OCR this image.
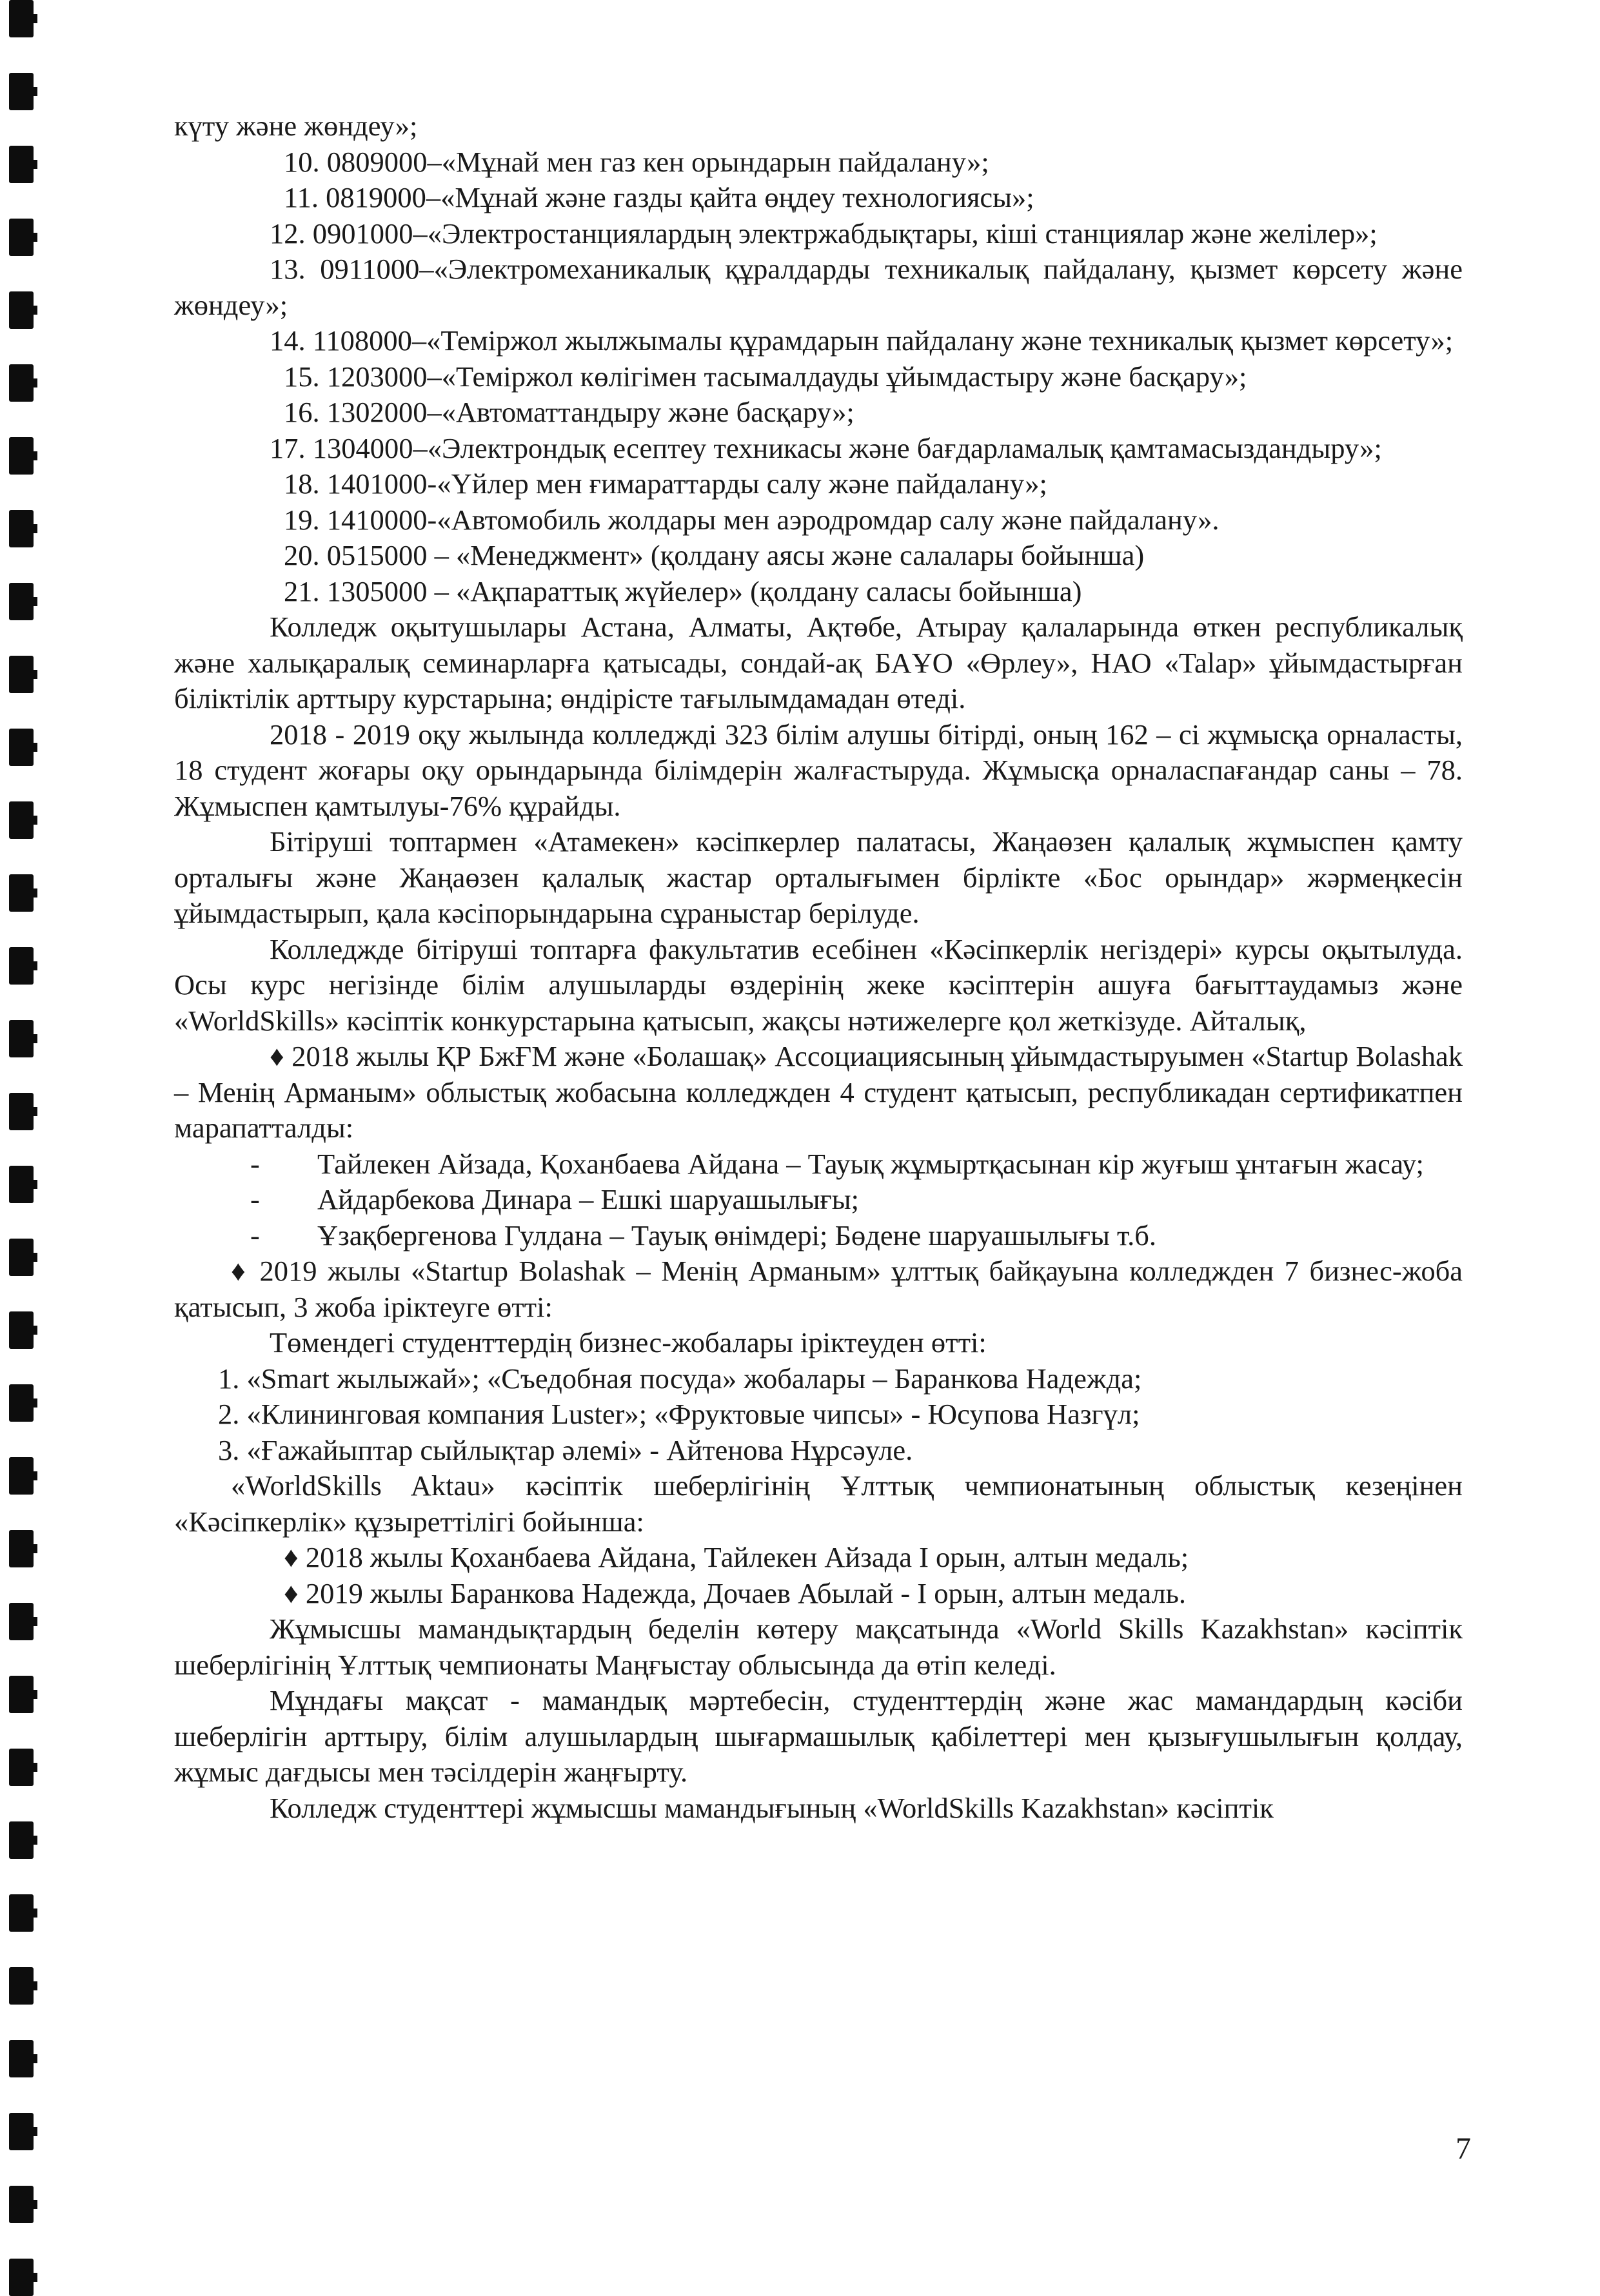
күту және жөндеу»;

10. 0809000–«Мұнай мен газ кен орындарын пайдалану»;

11. 0819000–«Мұнай және газды қайта өңдеу технологиясы»;

12. 0901000–«Электростанциялардың электржабдықтары, кіші станциялар және желілер»;

13. 0911000–«Электромеханикалық құралдарды техникалық пайдалану, қызмет көрсету және жөндеу»;

14. 1108000–«Теміржол жылжымалы құрамдарын пайдалану және техникалық қызмет көрсету»;

15. 1203000–«Теміржол көлігімен тасымалдауды ұйымдастыру және басқару»;

16. 1302000–«Автоматтандыру және басқару»;

17. 1304000–«Электрондық есептеу техникасы және бағдарламалық қамтамасыздандыру»;

18. 1401000-«Үйлер мен ғимараттарды салу және пайдалану»;

19. 1410000-«Автомобиль жолдары мен аэродромдар салу және пайдалану».

20. 0515000 – «Менеджмент» (қолдану аясы және салалары бойынша)

21. 1305000 – «Ақпараттық жүйелер» (қолдану саласы бойынша)

Колледж оқытушылары Астана, Алматы, Ақтөбе, Атырау қалаларында өткен республикалық және халықаралық семинарларға қатысады, сондай-ақ БАҰО «Өрлеу», НАО «Talap» ұйымдастырған біліктілік арттыру курстарына; өндірісте тағылымдамадан өтеді.

2018 - 2019 оқу жылында колледжді 323 білім алушы бітірді, оның 162 – сі жұмысқа орналасты, 18 студент жоғары оқу орындарында білімдерін жалғастыруда. Жұмысқа орналаспағандар саны – 78. Жұмыспен қамтылуы-76% құрайды.

Бітіруші топтармен «Атамекен» кәсіпкерлер палатасы, Жаңаөзен қалалық жұмыспен қамту орталығы және Жаңаөзен қалалық жастар орталығымен бірлікте «Бос орындар» жәрмеңкесін ұйымдастырып, қала кәсіпорындарына сұраныстар берілуде.

Колледжде бітіруші топтарға факультатив есебінен «Кәсіпкерлік негіздері» курсы оқытылуда. Осы курс негізінде білім алушыларды өздерінің жеке кәсіптерін ашуға бағыттаудамыз және «WorldSkills» кәсіптік конкурстарына қатысып, жақсы нәтижелерге қол жеткізуде. Айталық,

♦ 2018 жылы ҚР БжҒМ және «Болашақ» Ассоциациясының ұйымдастыруымен «Startup Bolashak – Менің Арманым» облыстық жобасына колледжден 4 студент қатысып, республикадан сертификатпен марапатталды:

- Тайлекен Айзада, Қоханбаева Айдана – Тауық жұмыртқасынан кір жуғыш ұнтағын жасау;

- Айдарбекова Динара – Ешкі шаруашылығы;

- Ұзақбергенова Гулдана – Тауық өнімдері; Бөдене шаруашылығы т.б.

♦ 2019 жылы «Startup Bolashak – Менің Арманым» ұлттық байқауына колледжден 7 бизнес-жоба қатысып, 3 жоба іріктеуге өтті:

Төмендегі студенттердің бизнес-жобалары іріктеуден өтті:

1. «Smart жылыжай»; «Съедобная посуда» жобалары – Баранкова Надежда;

2. «Клининговая компания Luster»; «Фруктовые чипсы» - Юсупова Назгүл;

3. «Ғажайыптар сыйлықтар әлемі» - Айтенова Нұрсәуле.

«WorldSkills Aktau» кәсіптік шеберлігінің Ұлттық чемпионатының облыстық кезеңінен «Кәсіпкерлік» құзыреттілігі бойынша:

♦ 2018 жылы Қоханбаева Айдана, Тайлекен Айзада І орын, алтын медаль;

♦ 2019 жылы Баранкова Надежда, Дочаев Абылай - І орын, алтын медаль.

Жұмысшы мамандықтардың беделін көтеру мақсатында «World Skills Kazakhstan» кәсіптік шеберлігінің Ұлттық чемпионаты Маңғыстау облысында да өтіп келеді.

Мұндағы мақсат - мамандық мәртебесін, студенттердің және жас мамандардың кәсіби шеберлігін арттыру, білім алушылардың шығармашылық қабілеттері мен қызығушылығын қолдау, жұмыс дағдысы мен тәсілдерін жаңғырту.

Колледж студенттері жұмысшы мамандығының «WorldSkills Kazakhstan» кәсіптік

7
